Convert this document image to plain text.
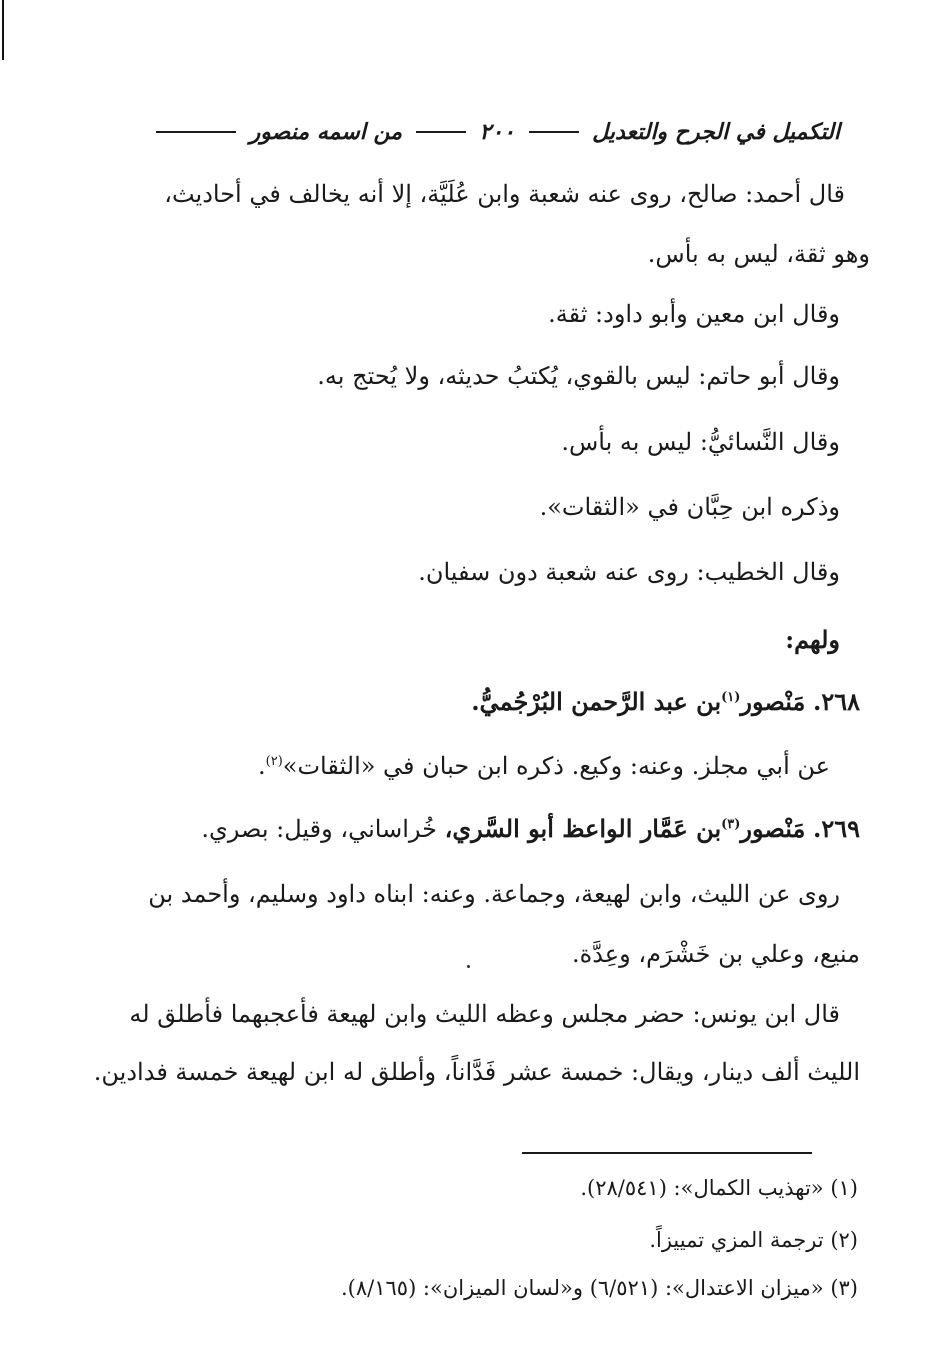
التكميل في الجرح والتعديل
٢٠٠
من اسمه منصور
قال أحمد: صالح، روى عنه شعبة وابن عُلَيَّة، إلا أنه يخالف في أحاديث،
وهو ثقة، ليس به بأس.
وقال ابن معين وأبو داود: ثقة.
وقال أبو حاتم: ليس بالقوي، يُكتبُ حديثه، ولا يُحتج به.
وقال النَّسائيُّ: ليس به بأس.
وذكره ابن حِبَّان في «الثقات».
وقال الخطيب: روى عنه شعبة دون سفيان.
ولهم:
٢٦٨. مَنْصور$^{(١)}$بن عبد الرَّحمن البُرْجُميُّ.
عن أبي مجلز. وعنه: وكيع. ذكره ابن حبان في «الثقات»$^{(٢)}$.
٢٦٩. مَنْصور$^{(٣)}$بن عَمَّار الواعظ أبو السَّري، خُراساني، وقيل: بصري.
روى عن الليث، وابن لهيعة، وجماعة. وعنه: ابناه داود وسليم، وأحمد بن
منيع، وعلي بن خَشْرَم، وعِدَّة.
قال ابن يونس: حضر مجلس وعظه الليث وابن لهيعة فأعجبهما فأطلق له
الليث ألف دينار، ويقال: خمسة عشر فَدَّاناً، وأطلق له ابن لهيعة خمسة فدادين.
(١) «تهذيب الكمال»: (٢٨/٥٤١).
(٢) ترجمة المزي تمييزاً.
(٣) «ميزان الاعتدال»: (٦/٥٢١) و«لسان الميزان»: (٨/١٦٥).
